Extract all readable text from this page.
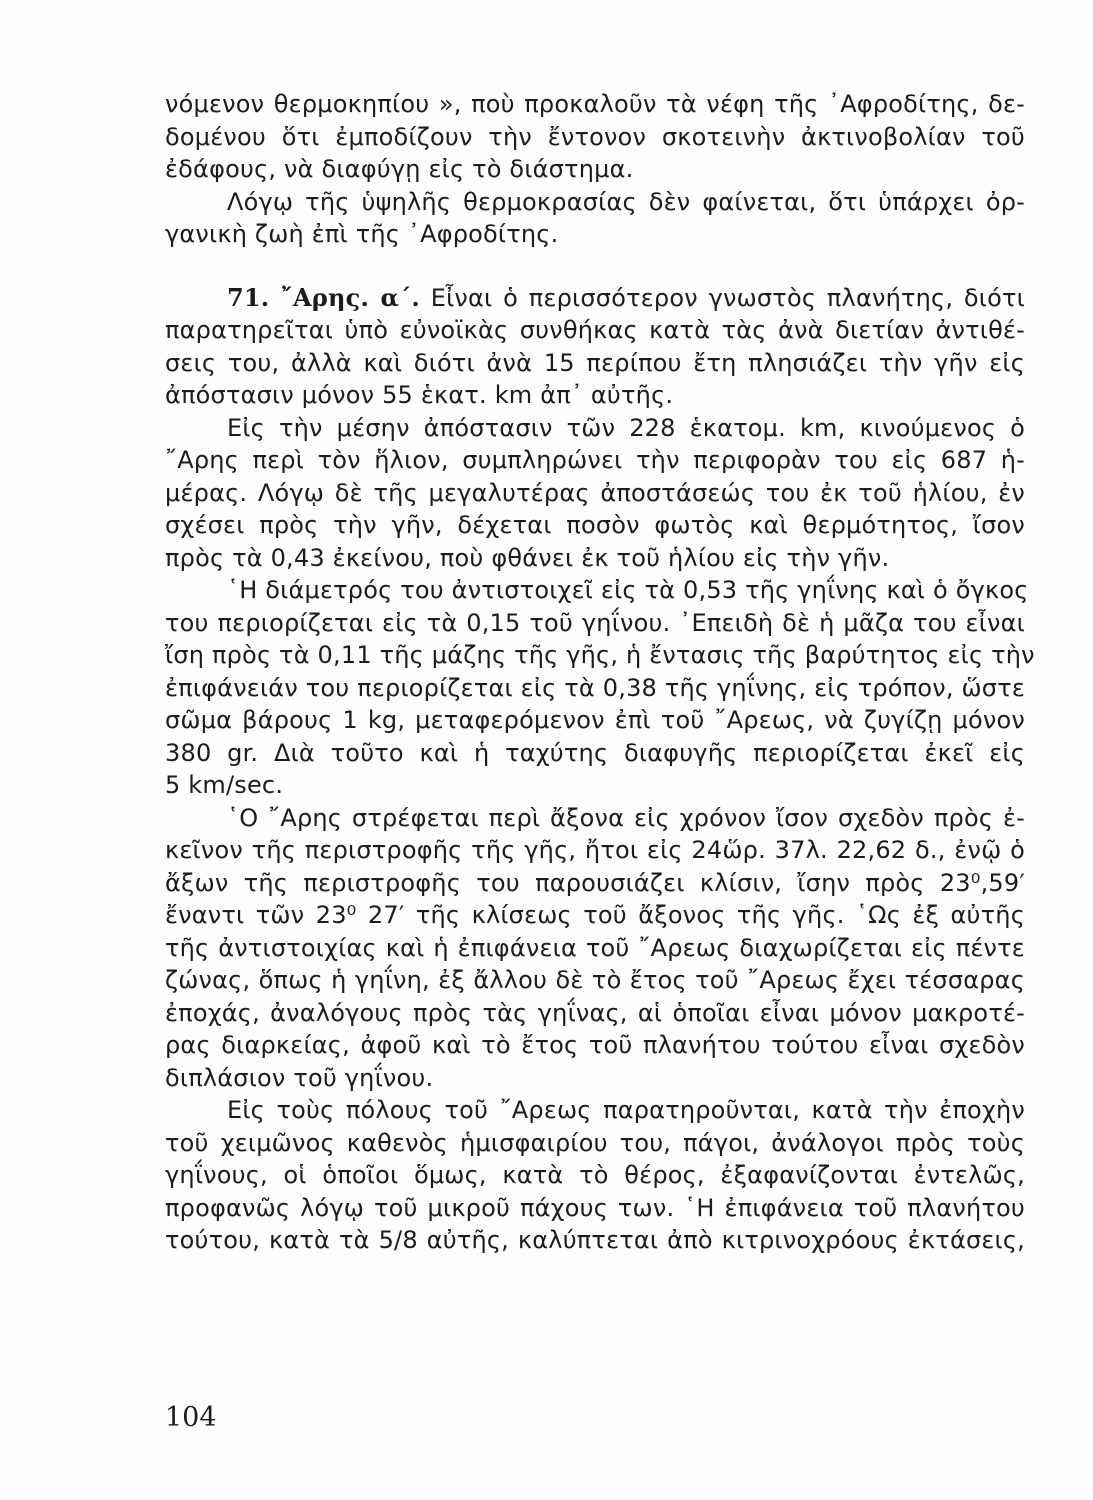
νόμενον θερμοκηπίου », ποὺ προκαλοῦν τὰ νέφη τῆς ᾿Αφροδίτης, δε-
δομένου ὅτι ἐμποδίζουν τὴν ἔντονον σκοτεινὴν ἀκτινοβολίαν τοῦ
ἐδάφους, νὰ διαφύγῃ εἰς τὸ διάστημα.
Λόγῳ τῆς ὑψηλῆς θερμοκρασίας δὲν φαίνεται, ὅτι ὑπάρχει ὀρ-
γανικὴ ζωὴ ἐπὶ τῆς ᾿Αφροδίτης.
71. ῎Αρης. α΄. Εἶναι ὁ περισσότερον γνωστὸς πλανήτης, διότι
παρατηρεῖται ὑπὸ εὐνοϊκὰς συνθήκας κατὰ τὰς ἀνὰ διετίαν ἀντιθέ-
σεις του, ἀλλὰ καὶ διότι ἀνὰ 15 περίπου ἔτη πλησιάζει τὴν γῆν εἰς
ἀπόστασιν μόνον 55 ἑκατ. km ἀπ᾿ αὐτῆς.
Εἰς τὴν μέσην ἀπόστασιν τῶν 228 ἑκατομ. km, κινούμενος ὁ
῎Αρης περὶ τὸν ἥλιον, συμπληρώνει τὴν περιφορὰν του εἰς 687 ἡ-
μέρας. Λόγῳ δὲ τῆς μεγαλυτέρας ἀποστάσεώς του ἐκ τοῦ ἡλίου, ἐν
σχέσει πρὸς τὴν γῆν, δέχεται ποσὸν φωτὸς καὶ θερμότητος, ἴσον
πρὸς τὰ 0,43 ἐκείνου, ποὺ φθάνει ἐκ τοῦ ἡλίου εἰς τὴν γῆν.
῾Η διάμετρός του ἀντιστοιχεῖ εἰς τὰ 0,53 τῆς γηΐνης καὶ ὁ ὄγκος
του περιορίζεται εἰς τὰ 0,15 τοῦ γηΐνου. ᾿Επειδὴ δὲ ἡ μᾶζα του εἶναι
ἴση πρὸς τὰ 0,11 τῆς μάζης τῆς γῆς, ἡ ἔντασις τῆς βαρύτητος εἰς τὴν
ἐπιφάνειάν του περιορίζεται εἰς τὰ 0,38 τῆς γηΐνης, εἰς τρόπον, ὥστε
σῶμα βάρους 1 kg, μεταφερόμενον ἐπὶ τοῦ ῎Αρεως, νὰ ζυγίζῃ μόνον
380 gr. Διὰ τοῦτο καὶ ἡ ταχύτης διαφυγῆς περιορίζεται ἐκεῖ εἰς
5 km/sec.
῾Ο ῎Αρης στρέφεται περὶ ἄξονα εἰς χρόνον ἴσον σχεδὸν πρὸς ἐ-
κεῖνον τῆς περιστροφῆς τῆς γῆς, ἤτοι εἰς 24ὥρ. 37λ. 22,62 δ., ἐνῷ ὁ
ἄξων τῆς περιστροφῆς του παρουσιάζει κλίσιν, ἴσην πρὸς 23⁰,59′
ἔναντι τῶν 23⁰ 27′ τῆς κλίσεως τοῦ ἄξονος τῆς γῆς. ῾Ως ἐξ αὐτῆς
τῆς ἀντιστοιχίας καὶ ἡ ἐπιφάνεια τοῦ ῎Αρεως διαχωρίζεται εἰς πέντε
ζώνας, ὅπως ἡ γηΐνη, ἐξ ἄλλου δὲ τὸ ἔτος τοῦ ῎Αρεως ἔχει τέσσαρας
ἐποχάς, ἀναλόγους πρὸς τὰς γηΐνας, αἱ ὁποῖαι εἶναι μόνον μακροτέ-
ρας διαρκείας, ἀφοῦ καὶ τὸ ἔτος τοῦ πλανήτου τούτου εἶναι σχεδὸν
διπλάσιον τοῦ γηΐνου.
Εἰς τοὺς πόλους τοῦ ῎Αρεως παρατηροῦνται, κατὰ τὴν ἐποχὴν
τοῦ χειμῶνος καθενὸς ἡμισφαιρίου του, πάγοι, ἀνάλογοι πρὸς τοὺς
γηΐνους, οἱ ὁποῖοι ὅμως, κατὰ τὸ θέρος, ἐξαφανίζονται ἐντελῶς,
προφανῶς λόγῳ τοῦ μικροῦ πάχους των. ῾Η ἐπιφάνεια τοῦ πλανήτου
τούτου, κατὰ τὰ 5/8 αὐτῆς, καλύπτεται ἀπὸ κιτρινοχρόους ἐκτάσεις,
104
